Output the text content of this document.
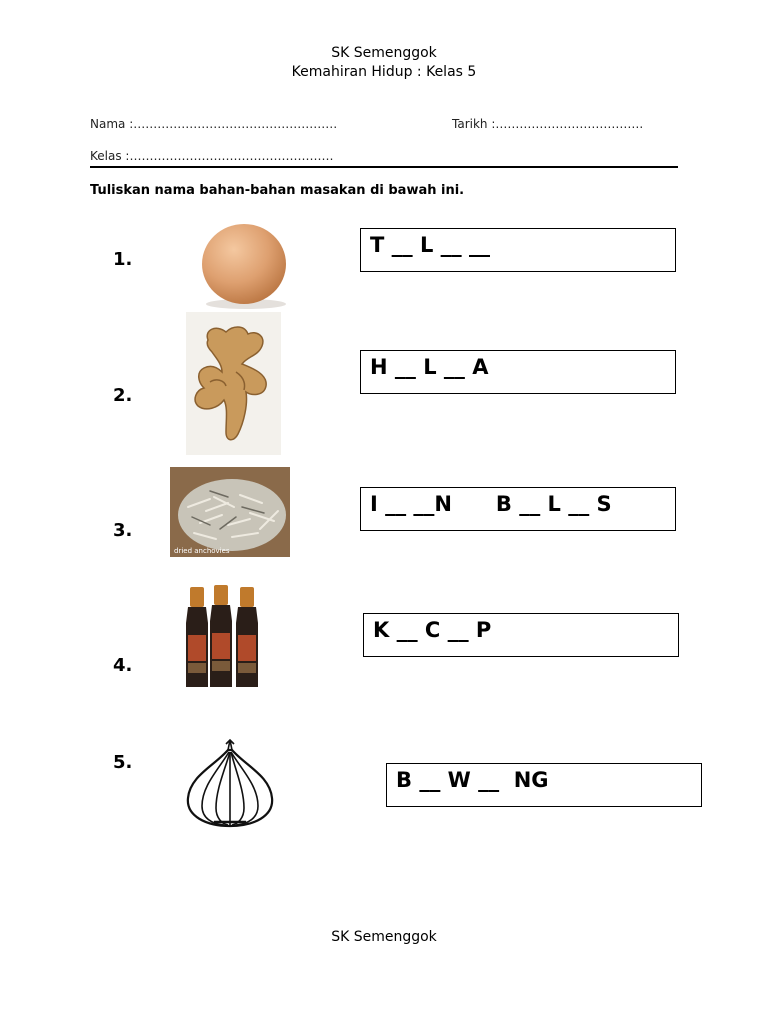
SK Semenggok
Kemahiran Hidup : Kelas 5
Nama :……………………………………………	Tarikh :……………………………….
Kelas :……………………………………………
Tuliskan nama bahan-bahan masakan di bawah ini.
1.
T __ L __ __
2.
H __ L __ A
3.
dried anchovies
I __ __N      B __ L __ S
4.
K __ C __ P
5.
B __ W __  NG
SK Semenggok
